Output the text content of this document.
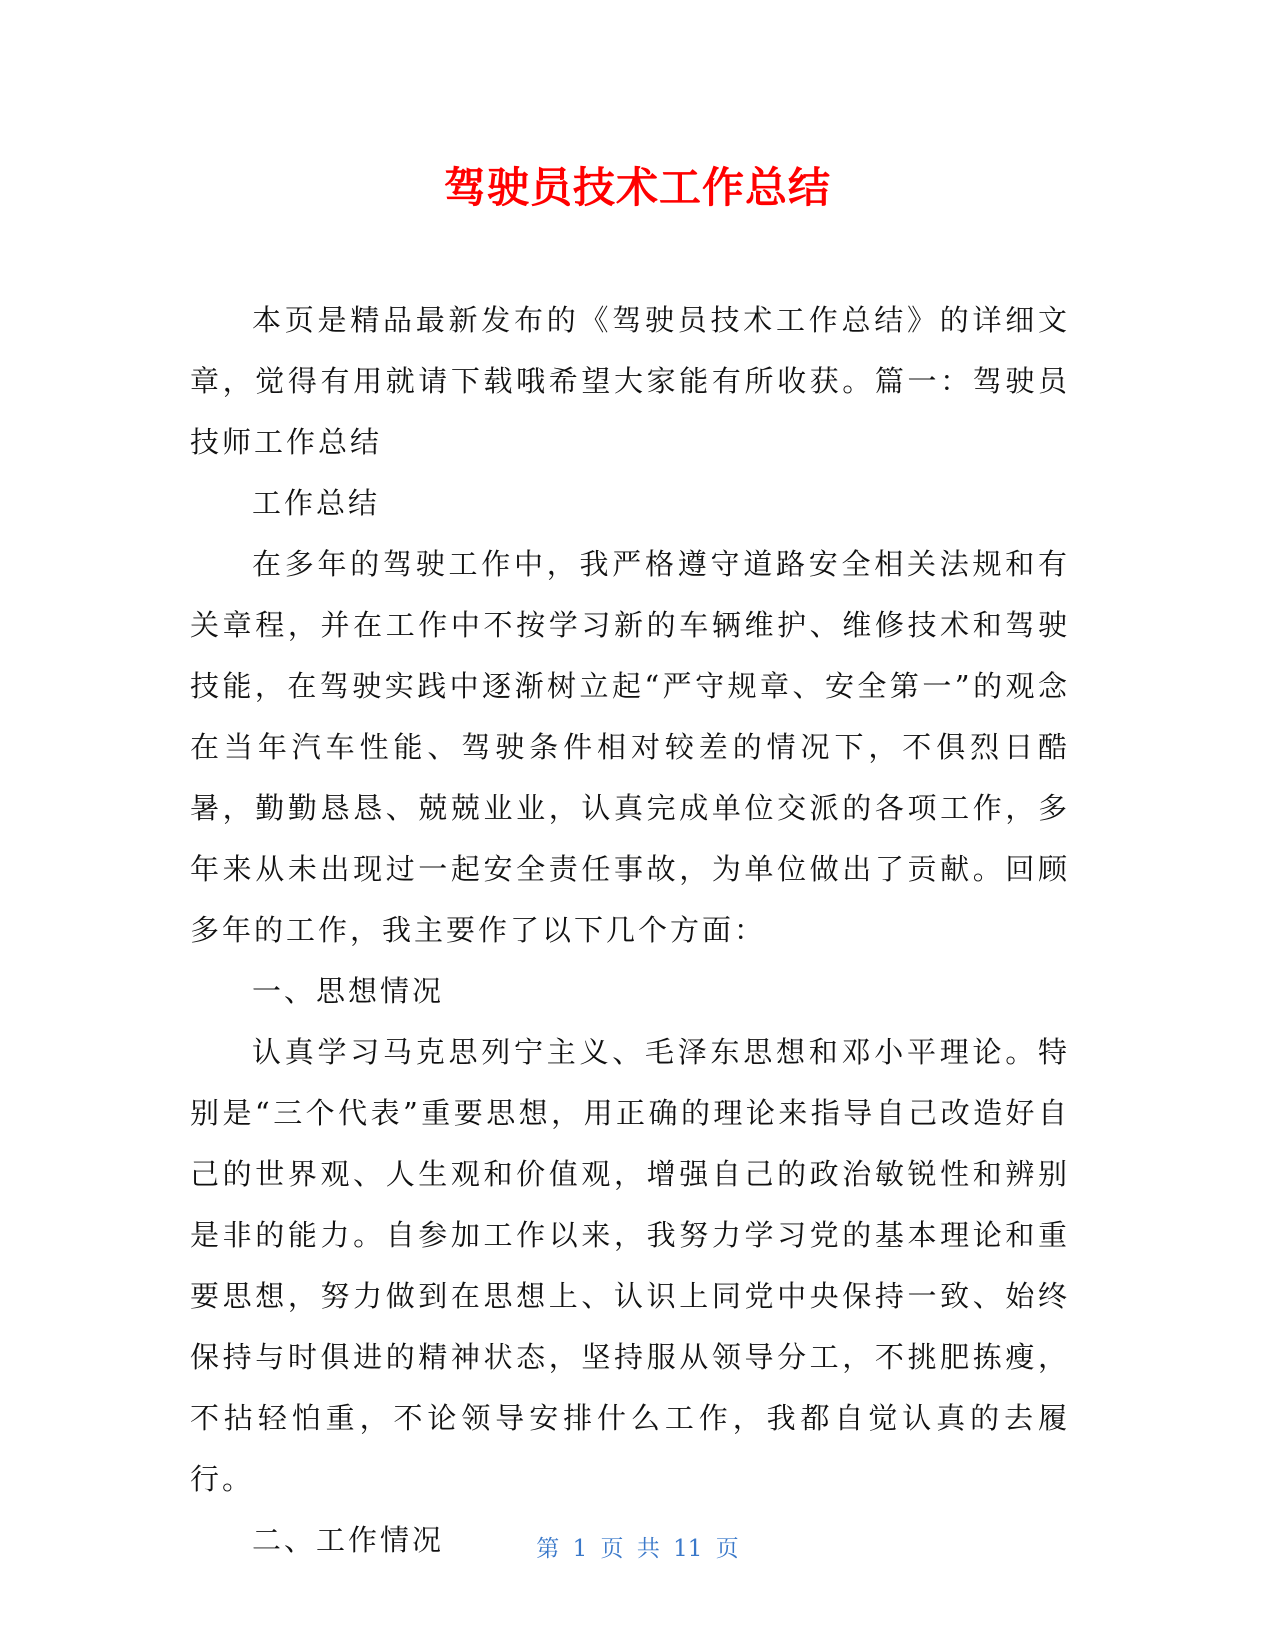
驾驶员技术工作总结

本页是精品最新发布的《驾驶员技术工作总结》的详细文章，觉得有用就请下载哦希望大家能有所收获。篇一：驾驶员技师工作总结

工作总结

在多年的驾驶工作中，我严格遵守道路安全相关法规和有关章程，并在工作中不按学习新的车辆维护、维修技术和驾驶技能，在驾驶实践中逐渐树立起“严守规章、安全第一”的观念在当年汽车性能、驾驶条件相对较差的情况下，不俱烈日酷暑，勤勤恳恳、兢兢业业，认真完成单位交派的各项工作，多年来从未出现过一起安全责任事故，为单位做出了贡献。回顾多年的工作，我主要作了以下几个方面：

一、思想情况

认真学习马克思列宁主义、毛泽东思想和邓小平理论。特别是“三个代表”重要思想，用正确的理论来指导自己改造好自己的世界观、人生观和价值观，增强自己的政治敏锐性和辨别是非的能力。自参加工作以来，我努力学习党的基本理论和重要思想，努力做到在思想上、认识上同党中央保持一致、始终保持与时俱进的精神状态，坚持服从领导分工，不挑肥拣瘦，不拈轻怕重，不论领导安排什么工作，我都自觉认真的去履行。

二、工作情况	第 1 页 共 11 页
